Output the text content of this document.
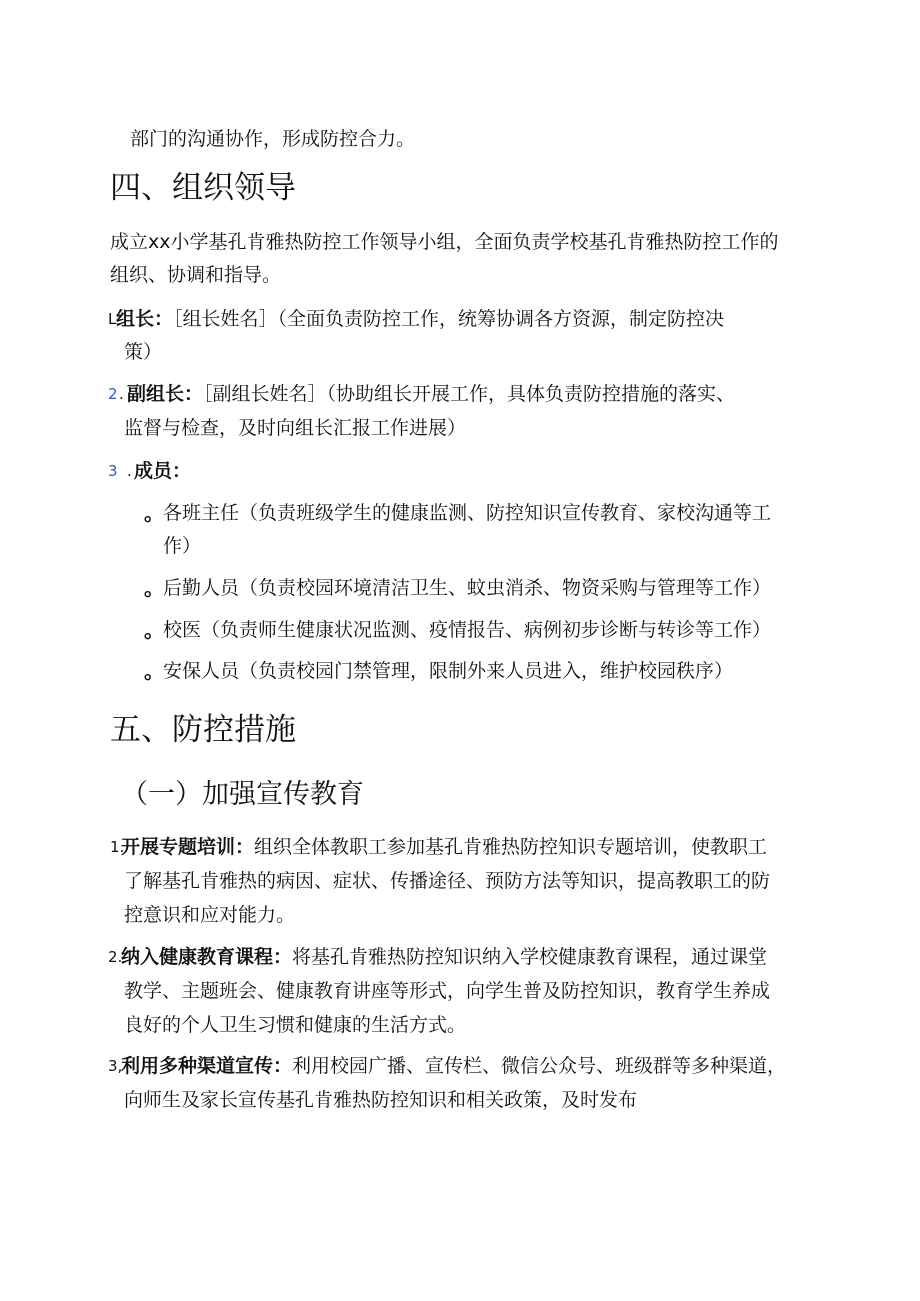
部门的沟通协作，形成防控合力。
四、组织领导
成立xx小学基孔肯雅热防控工作领导小组，全面负责学校基孔肯雅热防控工作的
组织、协调和指导。
L 组长：［组长姓名］（全面负责防控工作，统筹协调各方资源，制定防控决
策）
2 . 副组长：［副组长姓名］（协助组长开展工作，具体负责防控措施的落实、
监督与检查，及时向组长汇报工作进展）
3 . 成员：
。 各班主任（负责班级学生的健康监测、防控知识宣传教育、家校沟通等工
作）
。 后勤人员（负责校园环境清洁卫生、蚊虫消杀、物资采购与管理等工作）
。 校医（负责师生健康状况监测、疫情报告、病例初步诊断与转诊等工作）
。 安保人员（负责校园门禁管理，限制外来人员进入，维护校园秩序）
五、防控措施
（一）加强宣传教育
1.
开展专题培训：组织全体教职工参加基孔肯雅热防控知识专题培训，使教职工
了解基孔肯雅热的病因、症状、传播途径、预防方法等知识，提高教职工的防
控意识和应对能力。
2.
纳入健康教育课程：将基孔肯雅热防控知识纳入学校健康教育课程，通过课堂
教学、主题班会、健康教育讲座等形式，向学生普及防控知识，教育学生养成
良好的个人卫生习惯和健康的生活方式。
3,
利用多种渠道宣传：利用校园广播、宣传栏、微信公众号、班级群等多种渠道，
向师生及家长宣传基孔肯雅热防控知识和相关政策，及时发布
